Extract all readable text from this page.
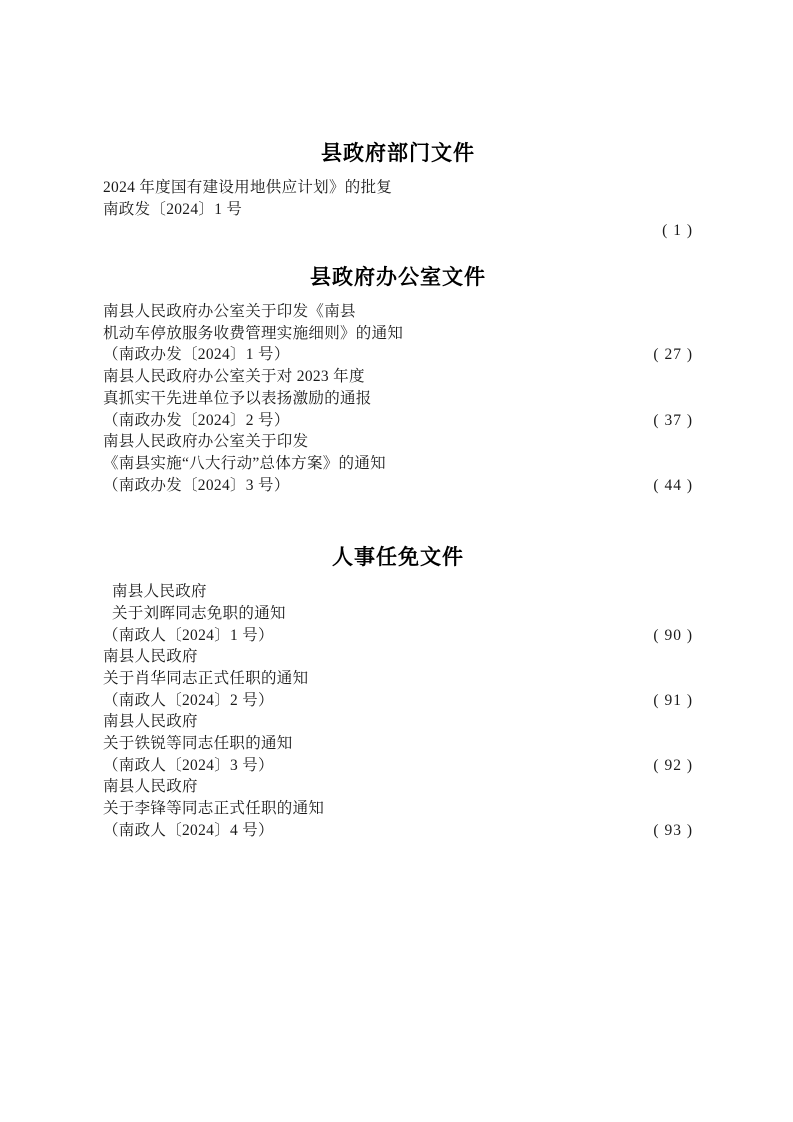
县政府部门文件
2024 年度国有建设用地供应计划》的批复
南政发〔2024〕1 号
( 1 )
县政府办公室文件
南县人民政府办公室关于印发《南县
机动车停放服务收费管理实施细则》的通知
（南政办发〔2024〕1 号）	( 27 )
南县人民政府办公室关于对 2023 年度
真抓实干先进单位予以表扬激励的通报
（南政办发〔2024〕2 号）	( 37 )
南县人民政府办公室关于印发
《南县实施“八大行动”总体方案》的通知
（南政办发〔2024〕3 号）	( 44 )
人事任免文件
南县人民政府
关于刘晖同志免职的通知
（南政人〔2024〕1 号）	( 90 )
南县人民政府
关于肖华同志正式任职的通知
（南政人〔2024〕2 号）	( 91 )
南县人民政府
关于铁锐等同志任职的通知
（南政人〔2024〕3 号）	( 92 )
南县人民政府
关于李锋等同志正式任职的通知
（南政人〔2024〕4 号）	( 93 )
